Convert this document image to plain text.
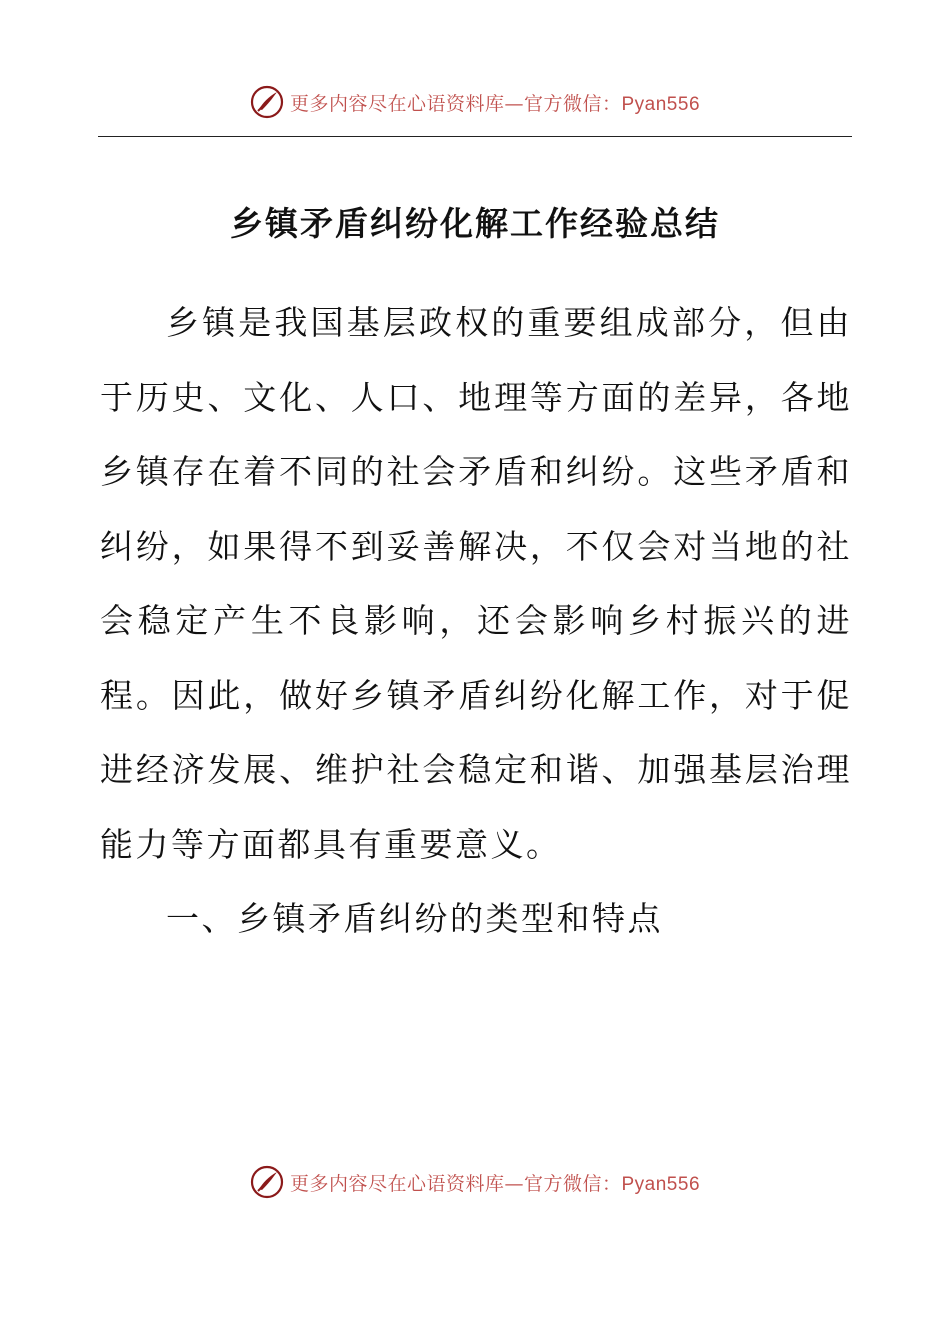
更多内容尽在心语资料库—官方微信：Pyan556
乡镇矛盾纠纷化解工作经验总结

乡镇是我国基层政权的重要组成部分，但由于历史、文化、人口、地理等方面的差异，各地乡镇存在着不同的社会矛盾和纠纷。这些矛盾和纠纷，如果得不到妥善解决，不仅会对当地的社会稳定产生不良影响，还会影响乡村振兴的进程。因此，做好乡镇矛盾纠纷化解工作，对于促进经济发展、维护社会稳定和谐、加强基层治理能力等方面都具有重要意义。

一、乡镇矛盾纠纷的类型和特点

更多内容尽在心语资料库—官方微信：Pyan556
